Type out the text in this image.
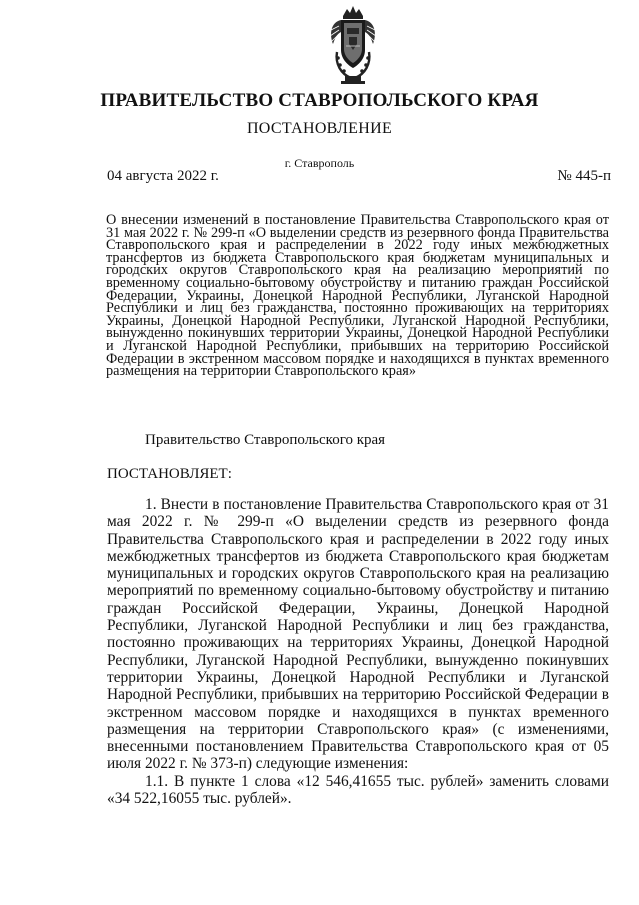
ПРАВИТЕЛЬСТВО СТАВРОПОЛЬСКОГО КРАЯ
ПОСТАНОВЛЕНИЕ
г. Ставрополь
04 августа 2022 г.	№ 445-п
О внесении изменений в постановление Правительства Ставропольского края от 31 мая 2022 г. № 299-п «О выделении средств из резервного фонда Правительства Ставропольского края и распределении в 2022 году иных межбюджетных трансфертов из бюджета Ставропольского края бюджетам муниципальных и городских округов Ставропольского края на реализацию мероприятий по временному социально-бытовому обустройству и питанию граждан Российской Федерации, Украины, Донецкой Народной Республики, Луганской Народной Республики и лиц без гражданства, постоянно проживающих на территориях Украины, Донецкой Народной Республики, Луганской Народной Республики, вынужденно покинувших территории Украины, Донецкой Народной Республики и Луганской Народной Республики, прибывших на территорию Российской Федерации в экстренном массовом порядке и находящихся в пунктах временного размещения на территории Ставропольского края»
Правительство Ставропольского края
ПОСТАНОВЛЯЕТ:

1. Внести в постановление Правительства Ставропольского края от 31 мая 2022 г. № 299-п «О выделении средств из резервного фонда Правительства Ставропольского края и распределении в 2022 году иных межбюджетных трансфертов из бюджета Ставропольского края бюджетам муниципальных и городских округов Ставропольского края на реализацию мероприятий по временному социально-бытовому обустройству и питанию граждан Российской Федерации, Украины, Донецкой Народной Республики, Луганской Народной Республики и лиц без гражданства, постоянно проживающих на территориях Украины, Донецкой Народной Республики, Луганской Народной Республики, вынужденно покинувших территории Украины, Донецкой Народной Республики и Луганской Народной Республики, прибывших на территорию Российской Федерации в экстренном массовом порядке и находящихся в пунктах временного размещения на территории Ставропольского края» (с изменениями, внесенными постановлением Правительства Ставропольского края от 05 июля 2022 г. № 373-п) следующие изменения:

1.1. В пункте 1 слова «12 546,41655 тыс. рублей» заменить словами «34 522,16055 тыс. рублей».
